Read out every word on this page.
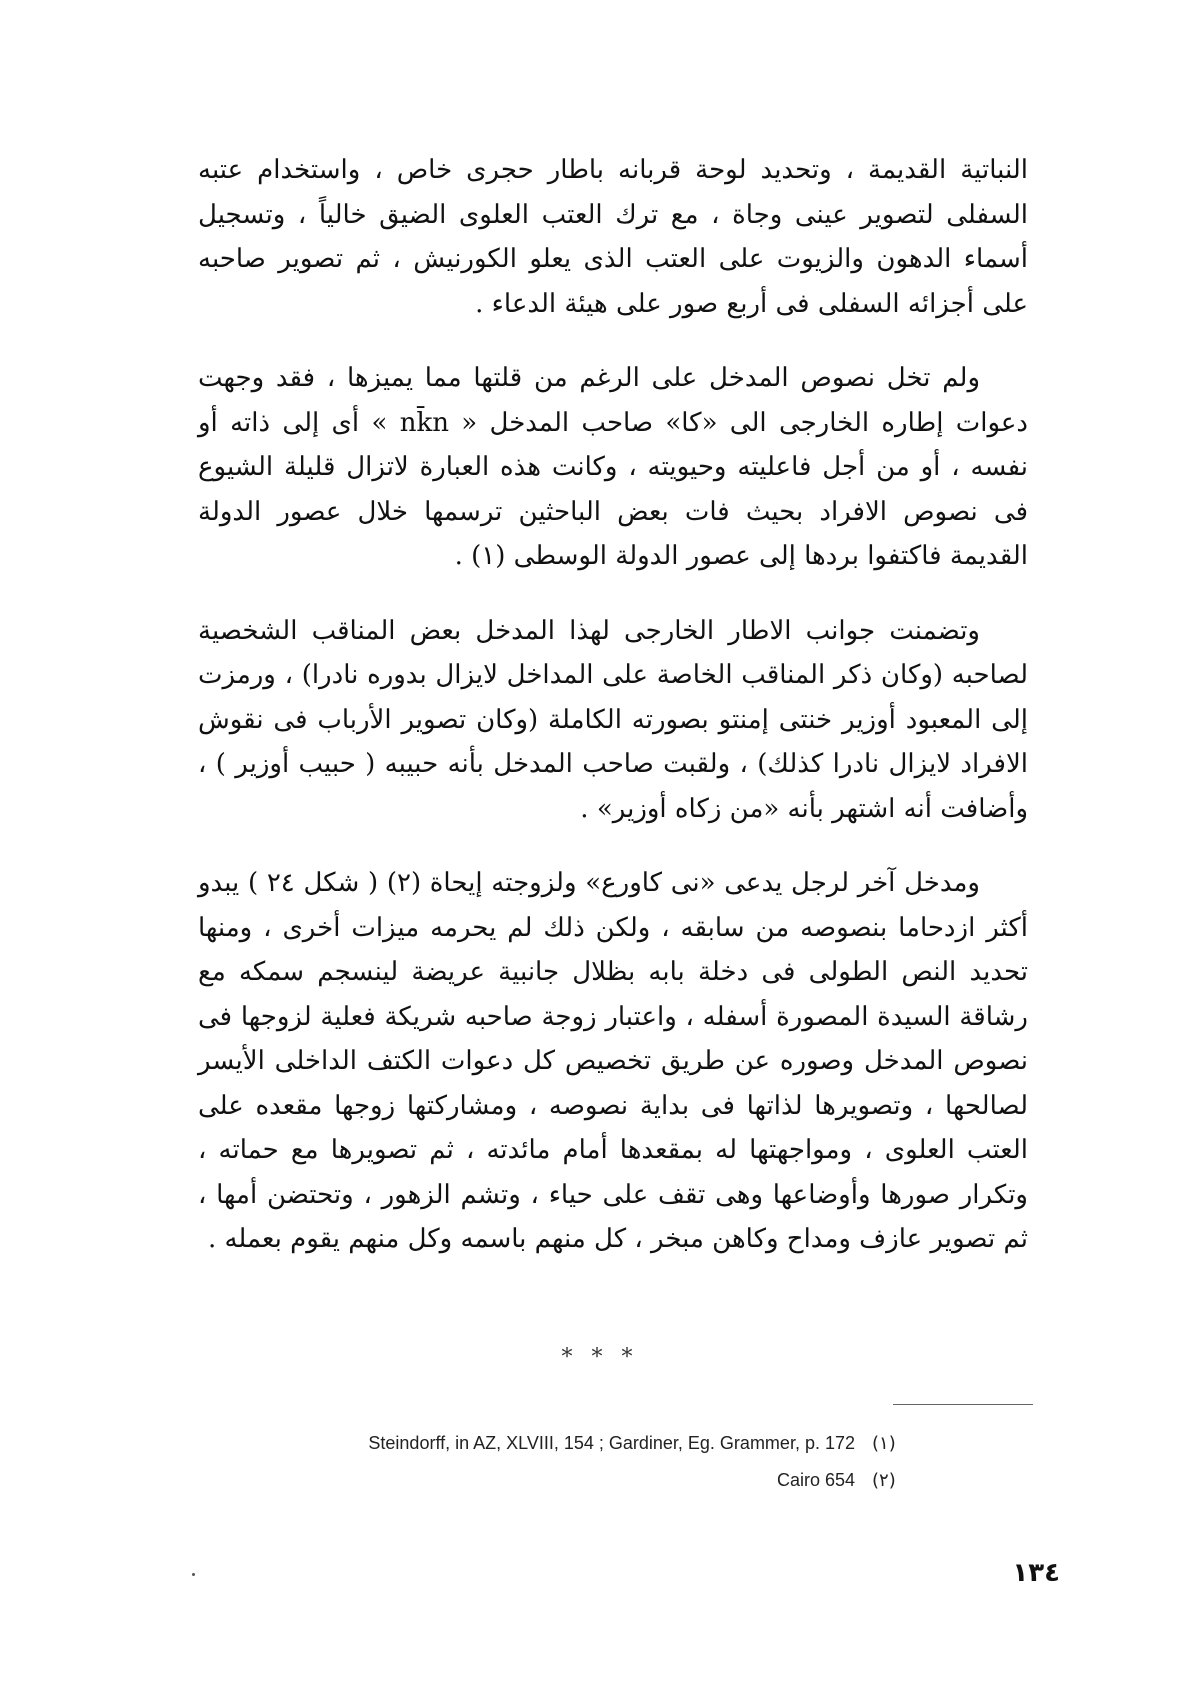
النباتية القديمة ، وتحديد لوحة قربانه باطار حجرى خاص ، واستخدام عتبه السفلى لتصوير عينى وجاة ، مع ترك العتب العلوى الضيق خالياً ، وتسجيل أسماء الدهون والزيوت على العتب الذى يعلو الكورنيش ، ثم تصوير صاحبه على أجزائه السفلى فى أربع صور على هيئة الدعاء .

ولم تخل نصوص المدخل على الرغم من قلتها مما يميزها ، فقد وجهت دعوات إطاره الخارجى الى «كا» صاحب المدخل « nk̄n » أى إلى ذاته أو نفسه ، أو من أجل فاعليته وحيويته ، وكانت هذه العبارة لاتزال قليلة الشيوع فى نصوص الافراد بحيث فات بعض الباحثين ترسمها خلال عصور الدولة القديمة فاكتفوا بردها إلى عصور الدولة الوسطى (١) .

وتضمنت جوانب الاطار الخارجى لهذا المدخل بعض المناقب الشخصية لصاحبه (وكان ذكر المناقب الخاصة على المداخل لايزال بدوره نادرا) ، ورمزت إلى المعبود أوزير خنتى إمنتو بصورته الكاملة (وكان تصوير الأرباب فى نقوش الافراد لايزال نادرا كذلك) ، ولقبت صاحب المدخل بأنه حبيبه ( حبيب أوزير ) ، وأضافت أنه اشتهر بأنه «من زكاه أوزير» .

ومدخل آخر لرجل يدعى «نى كاورع» ولزوجته إيحاة (٢) ( شكل ٢٤ ) يبدو أكثر ازدحاما بنصوصه من سابقه ، ولكن ذلك لم يحرمه ميزات أخرى ، ومنها تحديد النص الطولى فى دخلة بابه بظلال جانبية عريضة لينسجم سمكه مع رشاقة السيدة المصورة أسفله ، واعتبار زوجة صاحبه شريكة فعلية لزوجها فى نصوص المدخل وصوره عن طريق تخصيص كل دعوات الكتف الداخلى الأيسر لصالحها ، وتصويرها لذاتها فى بداية نصوصه ، ومشاركتها زوجها مقعده على العتب العلوى ، ومواجهتها له بمقعدها أمام مائدته ، ثم تصويرها مع حماته ، وتكرار صورها وأوضاعها وهى تقف على حياء ، وتشم الزهور ، وتحتضن أمها ، ثم تصوير عازف ومداح وكاهن مبخر ، كل منهم باسمه وكل منهم يقوم بعمله .

* * *
Steindorff, in AZ, XLVIII, 154 ; Gardiner, Eg. Grammer, p. 172 (١)
Cairo 654 (٢)
١٣٤
